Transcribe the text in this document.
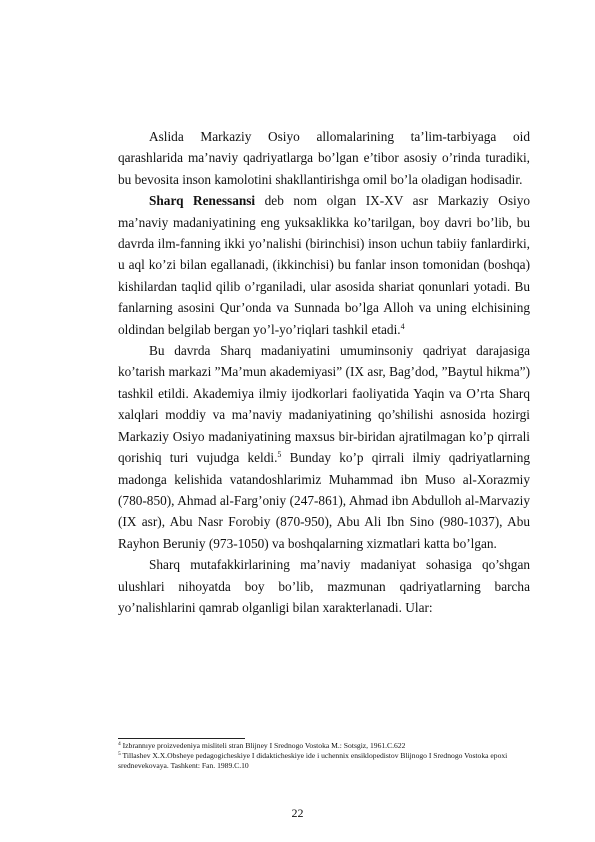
Aslida Markaziy Osiyo allomalarining ta’lim-tarbiyaga oid qarashlarida ma’naviy qadriyatlarga bo’lgan e’tibor asosiy o’rinda turadiki, bu bevosita inson kamolotini shakllantirishga omil bo’la oladigan hodisadir.

Sharq Renessansi deb nom olgan IX-XV asr Markaziy Osiyo ma’naviy madaniyatining eng yuksaklikka ko’tarilgan, boy davri bo’lib, bu davrda ilm-fanning ikki yo’nalishi (birinchisi) inson uchun tabiiy fanlardirki, u aql ko’zi bilan egallanadi, (ikkinchisi) bu fanlar inson tomonidan (boshqa) kishilardan taqlid qilib o’rganiladi, ular asosida shariat qonunlari yotadi. Bu fanlarning asosini Qur’onda va Sunnada bo’lga Alloh va uning elchisining oldindan belgilab bergan yo’l-yo’riqlari tashkil etadi.$^4$

Bu davrda Sharq madaniyatini umuminsoniy qadriyat darajasiga ko’tarish markazi ”Ma’mun akademiyasi” (IX asr, Bag’dod, ”Baytul hikma”) tashkil etildi. Akademiya ilmiy ijodkorlari faoliyatida Yaqin va O’rta Sharq xalqlari moddiy va ma’naviy madaniyatining qo’shilishi asnosida hozirgi Markaziy Osiyo madaniyatining maxsus bir-biridan ajratilmagan ko’p qirrali qorishiq turi vujudga keldi.$^5$ Bunday ko’p qirrali ilmiy qadriyatlarning madonga kelishida vatandoshlarimiz Muhammad ibn Muso al-Xorazmiy (780-850), Ahmad al-Farg’oniy (247-861), Ahmad ibn Abdulloh al-Marvaziy (IX asr), Abu Nasr Forobiy (870-950), Abu Ali Ibn Sino (980-1037), Abu Rayhon Beruniy (973-1050) va boshqalarning xizmatlari katta bo’lgan.

Sharq mutafakkirlarining ma’naviy madaniyat sohasiga qo’shgan ulushlari nihoyatda boy bo’lib, mazmunan qadriyatlarning barcha yo’nalishlarini qamrab olganligi bilan xarakterlanadi. Ular:

$^4$ Izbrannıye proizvedeniya misliteli stran Blijney I Srednogo Vostoka M.: Sotsgiz, 1961.C.622

$^5$ Tillashev X.X.Obsheye pedagogicheskiye I didakticheskiye ide i uchennix ensiklopedistov Blijnogo I Srednogo Vostoka epoxi srednevekovaya. Tashkent: Fan. 1989.C.10

22
